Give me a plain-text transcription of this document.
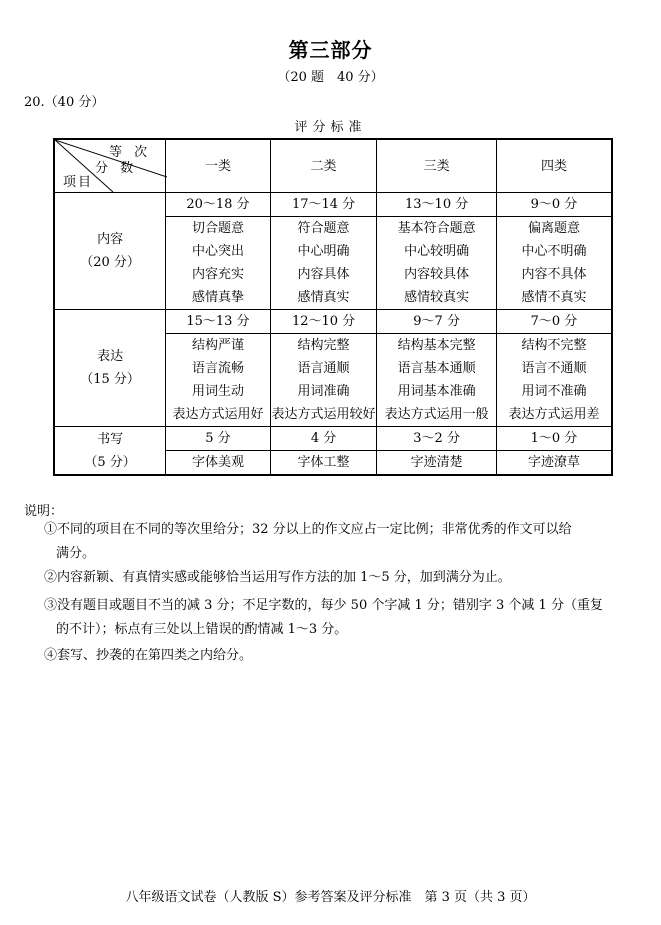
第三部分
（20 题　40 分）
20.（40 分）
评分标准
等 次
分 数
项目	一类	二类	三类	四类

内容
（20 分）	20～18 分	17～14 分	13～10 分	9～0 分
	切合题意	符合题意	基本符合题意	偏离题意
	中心突出	中心明确	中心较明确	中心不明确
	内容充实	内容具体	内容较具体	内容不具体
	感情真挚	感情真实	感情较真实	感情不真实

表达
（15 分）	15～13 分	12～10 分	9～7 分	7～0 分

	结构严谨	结构完整	结构基本完整	结构不完整
	语言流畅	语言通顺	语言基本通顺	语言不通顺
	用词生动	用词准确	用词基本准确	用词不准确
	表达方式运用好	表达方式运用较好	表达方式运用一般	表达方式运用差

书写
（5 分）	5 分	4 分	3～2 分	1～0 分
	字体美观	字体工整	字迹清楚	字迹潦草
说明：
①不同的项目在不同的等次里给分；32 分以上的作文应占一定比例；非常优秀的作文可以给
满分。
②内容新颖、有真情实感或能够恰当运用写作方法的加 1～5 分，加到满分为止。
③没有题目或题目不当的减 3 分；不足字数的，每少 50 个字减 1 分；错别字 3 个减 1 分（重复
的不计）；标点有三处以上错误的酌情减 1～3 分。
④套写、抄袭的在第四类之内给分。
八年级语文试卷（人教版 S）参考答案及评分标准　第 3 页（共 3 页）
